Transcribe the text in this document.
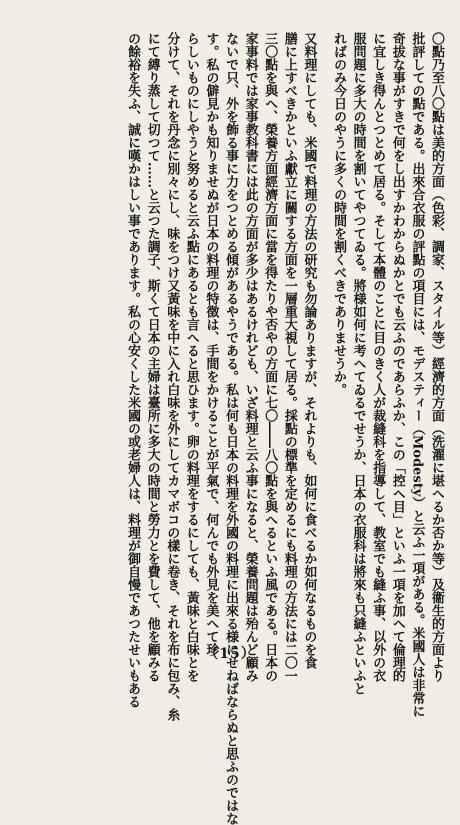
〇點乃至八〇點は美的方面（色彩、調家、スタイル等）經濟的方面（洗濯に堪へるか否か等）及衞生的方面より
批評しての點である。出來合衣服の評點の項目には、モデスティー（Modesty）と云ふ一項がある。米國人は非常に
奇拔な事がすきで何をし出すかわからぬかとでも云ふのであらふか、この「控へ目」といふ一項を加へて倫理的
に宜しき得んとつとめて居る。そして本體のことに目のきく人が裁縫科を指導して、教室でも縫ふ事、以外の衣
服問題に多大の時間を割いてやつてゐる。將様如何に考へてゐるでせうか、日本の衣服科は將來も只縫ふといふと
ればのみ今日のやうに多くの時間を割くべきでありませうか。
又料理にしても、米國で料理の方法の研究も勿論ありますが、それよりも、如何に食べるか如何なるものを食
膳に上すべきかといふ獻立に關する方面を一層重大視して居る。採點の標準を定めるにも料理の方法には二〇一
三〇點を與へ、榮養方面經濟方面に當を得たりや否やの方面に七〇――八〇點を與へるといふ風である。日本の
家事料では家事教科書には此の方面が多少はあるけれども、いざ料理と云ふ事になると、榮養問題は殆んど顧み
ないで只、外を飾る事に力をつとめる傾があるやうである。私は何も日本の料理を外國の料理に出來る様にせねばならぬと思ふのではな
す。私の僻見かも知りませぬが日本の料理の特徴は、手間をかけることが平氣で、何んでも外見を美へて珍
らしいものにしやうと努めると云ふ點にあるとも言へると思ひます。卵の料理をするにしても、黃味と白味とを
分けて、それを丹念に別々にし、味をつけ又黃味を中に入れ白味を外にしてカマボコの樣に卷き、それを布に包み、糸
にて縛り蒸して切つて……と云つた調子、斯くて日本の主婦は臺所に多大の時間と勞力とを費して、他を顧みる
の餘裕を失ふ、誠に嘆かはしい事であります。私の心安くした米國の或老婦人は、料理が御自慢であつたせいもある	（15）
